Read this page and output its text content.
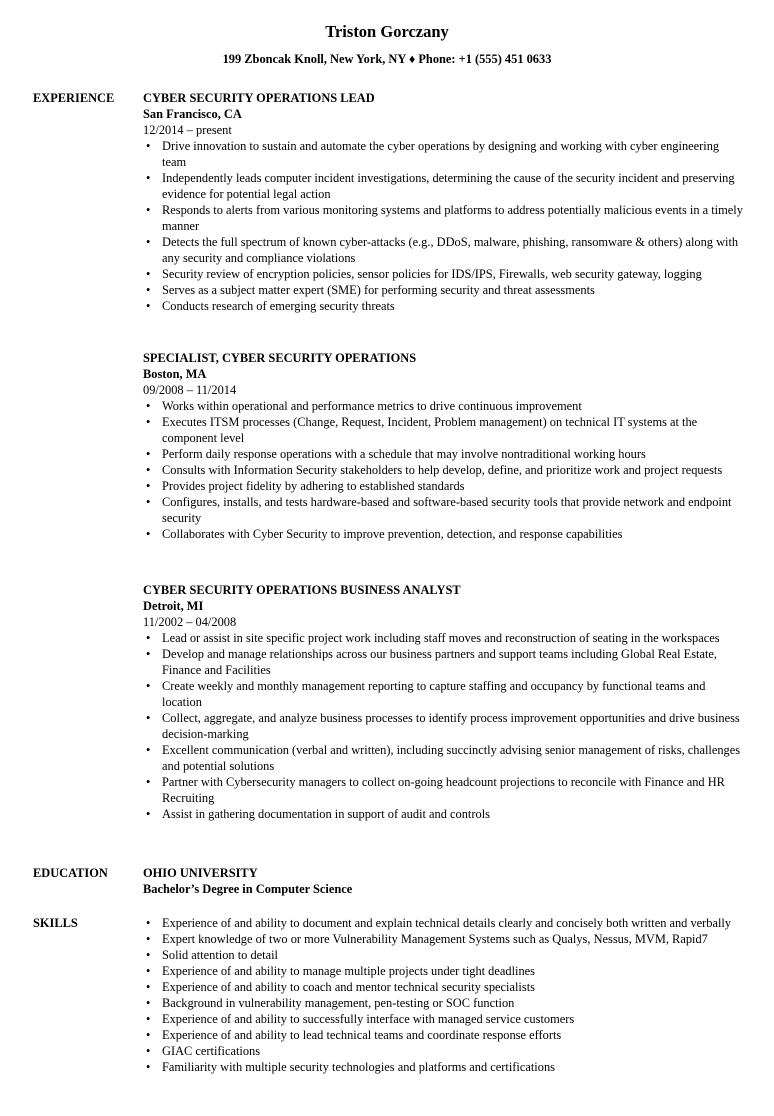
Triston Gorczany
199 Zboncak Knoll, New York, NY ♦ Phone: +1 (555) 451 0633
EXPERIENCE CYBER SECURITY OPERATIONS LEAD
San Francisco, CA
12/2014 – present
• Drive innovation to sustain and automate the cyber operations by designing and working with cyber engineering team
• Independently leads computer incident investigations, determining the cause of the security incident and preserving evidence for potential legal action
• Responds to alerts from various monitoring systems and platforms to address potentially malicious events in a timely manner
• Detects the full spectrum of known cyber-attacks (e.g., DDoS, malware, phishing, ransomware & others) along with any security and compliance violations
• Security review of encryption policies, sensor policies for IDS/IPS, Firewalls, web security gateway, logging
• Serves as a subject matter expert (SME) for performing security and threat assessments
• Conducts research of emerging security threats
SPECIALIST, CYBER SECURITY OPERATIONS
Boston, MA
09/2008 – 11/2014
• Works within operational and performance metrics to drive continuous improvement
• Executes ITSM processes (Change, Request, Incident, Problem management) on technical IT systems at the component level
• Perform daily response operations with a schedule that may involve nontraditional working hours
• Consults with Information Security stakeholders to help develop, define, and prioritize work and project requests
• Provides project fidelity by adhering to established standards
• Configures, installs, and tests hardware-based and software-based security tools that provide network and endpoint security
• Collaborates with Cyber Security to improve prevention, detection, and response capabilities
CYBER SECURITY OPERATIONS BUSINESS ANALYST
Detroit, MI
11/2002 – 04/2008
• Lead or assist in site specific project work including staff moves and reconstruction of seating in the workspaces
• Develop and manage relationships across our business partners and support teams including Global Real Estate, Finance and Facilities
• Create weekly and monthly management reporting to capture staffing and occupancy by functional teams and location
• Collect, aggregate, and analyze business processes to identify process improvement opportunities and drive business decision-marking
• Excellent communication (verbal and written), including succinctly advising senior management of risks, challenges and potential solutions
• Partner with Cybersecurity managers to collect on-going headcount projections to reconcile with Finance and HR Recruiting
• Assist in gathering documentation in support of audit and controls
EDUCATION	OHIO UNIVERSITY
Bachelor’s Degree in Computer Science
SKILLS	• Experience of and ability to document and explain technical details clearly and concisely both written and verbally
• Expert knowledge of two or more Vulnerability Management Systems such as Qualys, Nessus, MVM, Rapid7
• Solid attention to detail
• Experience of and ability to manage multiple projects under tight deadlines
• Experience of and ability to coach and mentor technical security specialists
• Background in vulnerability management, pen-testing or SOC function
• Experience of and ability to successfully interface with managed service customers
• Experience of and ability to lead technical teams and coordinate response efforts
• GIAC certifications
• Familiarity with multiple security technologies and platforms and certifications
